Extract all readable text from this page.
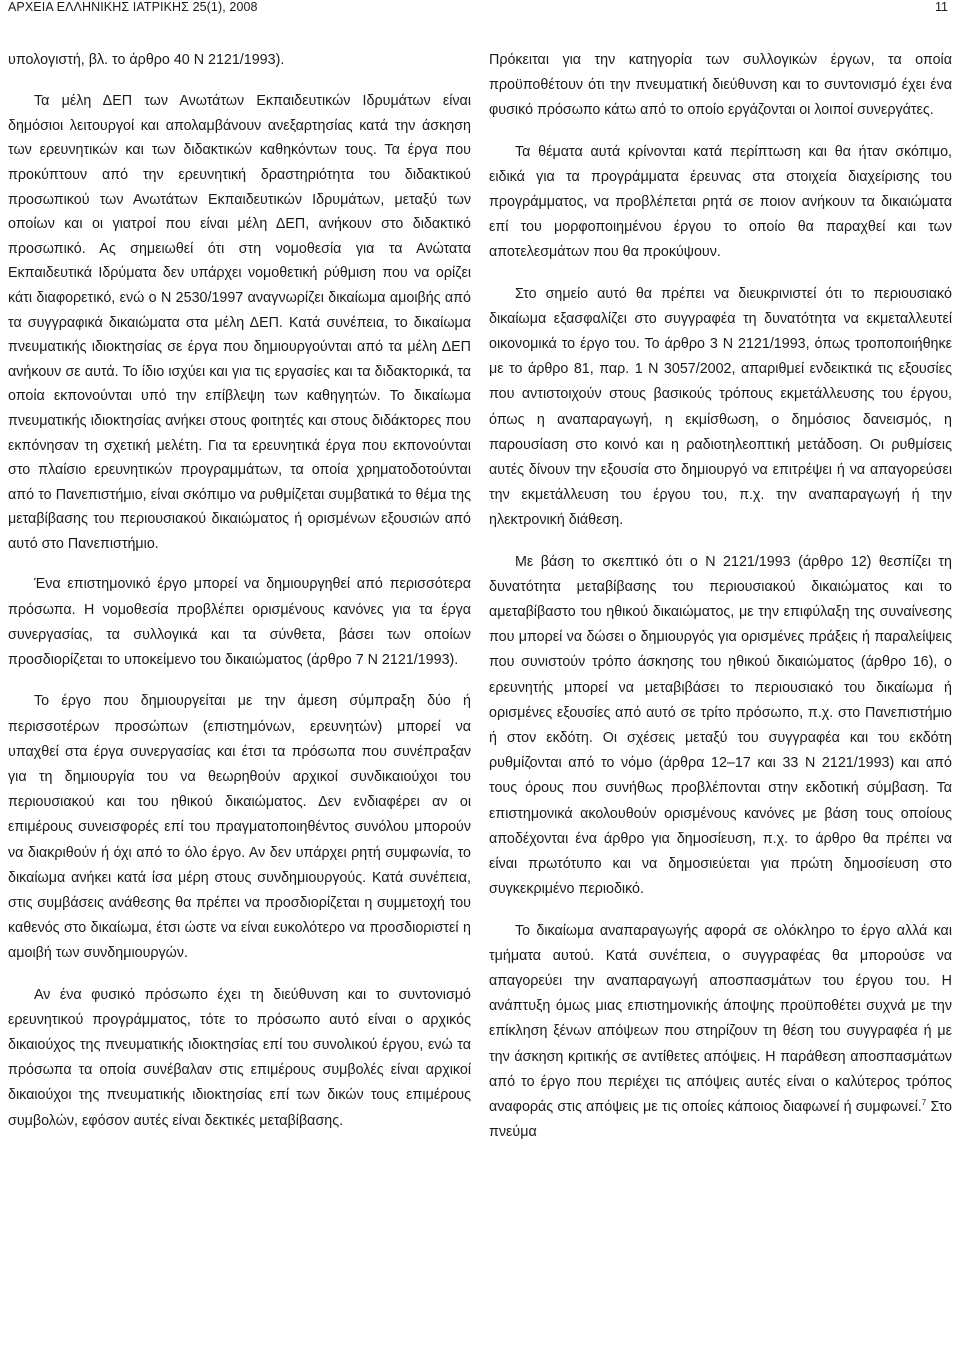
ΑΡΧΕΙΑ ΕΛΛΗΝΙΚΗΣ ΙΑΤΡΙΚΗΣ 25(1), 2008	11

υπολογιστή, βλ. το άρθρο 40 Ν 2121/1993).

Τα μέλη ΔΕΠ των Ανωτάτων Εκπαιδευτικών Ιδρυμάτων είναι δημόσιοι λειτουργοί και απολαμβάνουν ανεξαρτησίας κατά την άσκηση των ερευνητικών και των διδακτικών καθηκόντων τους. Τα έργα που προκύπτουν από την ερευνητική δραστηριότητα του διδακτικού προσωπικού των Ανωτάτων Εκπαιδευτικών Ιδρυμάτων, μεταξύ των οποίων και οι γιατροί που είναι μέλη ΔΕΠ, ανήκουν στο διδακτικό προσωπικό. Ας σημειωθεί ότι στη νομοθεσία για τα Ανώτατα Εκπαιδευτικά Ιδρύματα δεν υπάρχει νομοθετική ρύθμιση που να ορίζει κάτι διαφορετικό, ενώ ο Ν 2530/1997 αναγνωρίζει δικαίωμα αμοιβής από τα συγγραφικά δικαιώματα στα μέλη ΔΕΠ. Κατά συνέπεια, το δικαίωμα πνευματικής ιδιοκτησίας σε έργα που δημιουργούνται από τα μέλη ΔΕΠ ανήκουν σε αυτά. Το ίδιο ισχύει και για τις εργασίες και τα διδακτορικά, τα οποία εκπονούνται υπό την επίβλεψη των καθηγητών. Το δικαίωμα πνευματικής ιδιοκτησίας ανήκει στους φοιτητές και στους διδάκτορες που εκπόνησαν τη σχετική μελέτη. Για τα ερευνητικά έργα που εκπονούνται στο πλαίσιο ερευνητικών προγραμμάτων, τα οποία χρηματοδοτούνται από το Πανεπιστήμιο, είναι σκόπιμο να ρυθμίζεται συμβατικά το θέμα της μεταβίβασης του περιουσιακού δικαιώματος ή ορισμένων εξουσιών από αυτό στο Πανεπιστήμιο.

Ένα επιστημονικό έργο μπορεί να δημιουργηθεί από περισσότερα πρόσωπα. Η νομοθεσία προβλέπει ορισμένους κανόνες για τα έργα συνεργασίας, τα συλλογικά και τα σύνθετα, βάσει των οποίων προσδιορίζεται το υποκείμενο του δικαιώματος (άρθρο 7 Ν 2121/1993).

Το έργο που δημιουργείται με την άμεση σύμπραξη δύο ή περισσοτέρων προσώπων (επιστημόνων, ερευνητών) μπορεί να υπαχθεί στα έργα συνεργασίας και έτσι τα πρόσωπα που συνέπραξαν για τη δημιουργία του να θεωρηθούν αρχικοί συνδικαιούχοι του περιουσιακού και του ηθικού δικαιώματος. Δεν ενδιαφέρει αν οι επιμέρους συνεισφορές επί του πραγματοποιηθέντος συνόλου μπορούν να διακριθούν ή όχι από το όλο έργο. Αν δεν υπάρχει ρητή συμφωνία, το δικαίωμα ανήκει κατά ίσα μέρη στους συνδημιουργούς. Κατά συνέπεια, στις συμβάσεις ανάθεσης θα πρέπει να προσδιορίζεται η συμμετοχή του καθενός στο δικαίωμα, έτσι ώστε να είναι ευκολότερο να προσδιοριστεί η αμοιβή των συνδημιουργών.

Αν ένα φυσικό πρόσωπο έχει τη διεύθυνση και το συντονισμό ερευνητικού προγράμματος, τότε το πρόσωπο αυτό είναι ο αρχικός δικαιούχος της πνευματικής ιδιοκτησίας επί του συνολικού έργου, ενώ τα πρόσωπα τα οποία συνέβαλαν στις επιμέρους συμβολές είναι αρχικοί δικαιούχοι της πνευματικής ιδιοκτησίας επί των δικών τους επιμέρους συμβολών, εφόσον αυτές είναι δεκτικές μεταβίβασης.

Πρόκειται για την κατηγορία των συλλογικών έργων, τα οποία προϋποθέτουν ότι την πνευματική διεύθυνση και το συντονισμό έχει ένα φυσικό πρόσωπο κάτω από το οποίο εργάζονται οι λοιποί συνεργάτες.

Τα θέματα αυτά κρίνονται κατά περίπτωση και θα ήταν σκόπιμο, ειδικά για τα προγράμματα έρευνας στα στοιχεία διαχείρισης του προγράμματος, να προβλέπεται ρητά σε ποιον ανήκουν τα δικαιώματα επί του μορφοποιημένου έργου το οποίο θα παραχθεί και των αποτελεσμάτων που θα προκύψουν.

Στο σημείο αυτό θα πρέπει να διευκρινιστεί ότι το περιουσιακό δικαίωμα εξασφαλίζει στο συγγραφέα τη δυνατότητα να εκμεταλλευτεί οικονομικά το έργο του. Το άρθρο 3 Ν 2121/1993, όπως τροποποιήθηκε με το άρθρο 81, παρ. 1 Ν 3057/2002, απαριθμεί ενδεικτικά τις εξουσίες που αντιστοιχούν στους βασικούς τρόπους εκμετάλλευσης του έργου, όπως η αναπαραγωγή, η εκμίσθωση, ο δημόσιος δανεισμός, η παρουσίαση στο κοινό και η ραδιοτηλεοπτική μετάδοση. Οι ρυθμίσεις αυτές δίνουν την εξουσία στο δημιουργό να επιτρέψει ή να απαγορεύσει την εκμετάλλευση του έργου του, π.χ. την αναπαραγωγή ή την ηλεκτρονική διάθεση.

Με βάση το σκεπτικό ότι ο Ν 2121/1993 (άρθρο 12) θεσπίζει τη δυνατότητα μεταβίβασης του περιουσιακού δικαιώματος και το αμεταβίβαστο του ηθικού δικαιώματος, με την επιφύλαξη της συναίνεσης που μπορεί να δώσει ο δημιουργός για ορισμένες πράξεις ή παραλείψεις που συνιστούν τρόπο άσκησης του ηθικού δικαιώματος (άρθρο 16), ο ερευνητής μπορεί να μεταβιβάσει το περιουσιακό του δικαίωμα ή ορισμένες εξουσίες από αυτό σε τρίτο πρόσωπο, π.χ. στο Πανεπιστήμιο ή στον εκδότη. Οι σχέσεις μεταξύ του συγγραφέα και του εκδότη ρυθμίζονται από το νόμο (άρθρα 12–17 και 33 Ν 2121/1993) και από τους όρους που συνήθως προβλέπονται στην εκδοτική σύμβαση. Τα επιστημονικά ακολουθούν ορισμένους κανόνες με βάση τους οποίους αποδέχονται ένα άρθρο για δημοσίευση, π.χ. το άρθρο θα πρέπει να είναι πρωτότυπο και να δημοσιεύεται για πρώτη δημοσίευση στο συγκεκριμένο περιοδικό.

Το δικαίωμα αναπαραγωγής αφορά σε ολόκληρο το έργο αλλά και τμήματα αυτού. Κατά συνέπεια, ο συγγραφέας θα μπορούσε να απαγορεύει την αναπαραγωγή αποσπασμάτων του έργου του. Η ανάπτυξη όμως μιας επιστημονικής άποψης προϋποθέτει συχνά με την επίκληση ξένων απόψεων που στηρίζουν τη θέση του συγγραφέα ή με την άσκηση κριτικής σε αντίθετες απόψεις. Η παράθεση αποσπασμάτων από το έργο που περιέχει τις απόψεις αυτές είναι ο καλύτερος τρόπος αναφοράς στις απόψεις με τις οποίες κάποιος διαφωνεί ή συμφωνεί.$^7$ Στο πνεύμα
